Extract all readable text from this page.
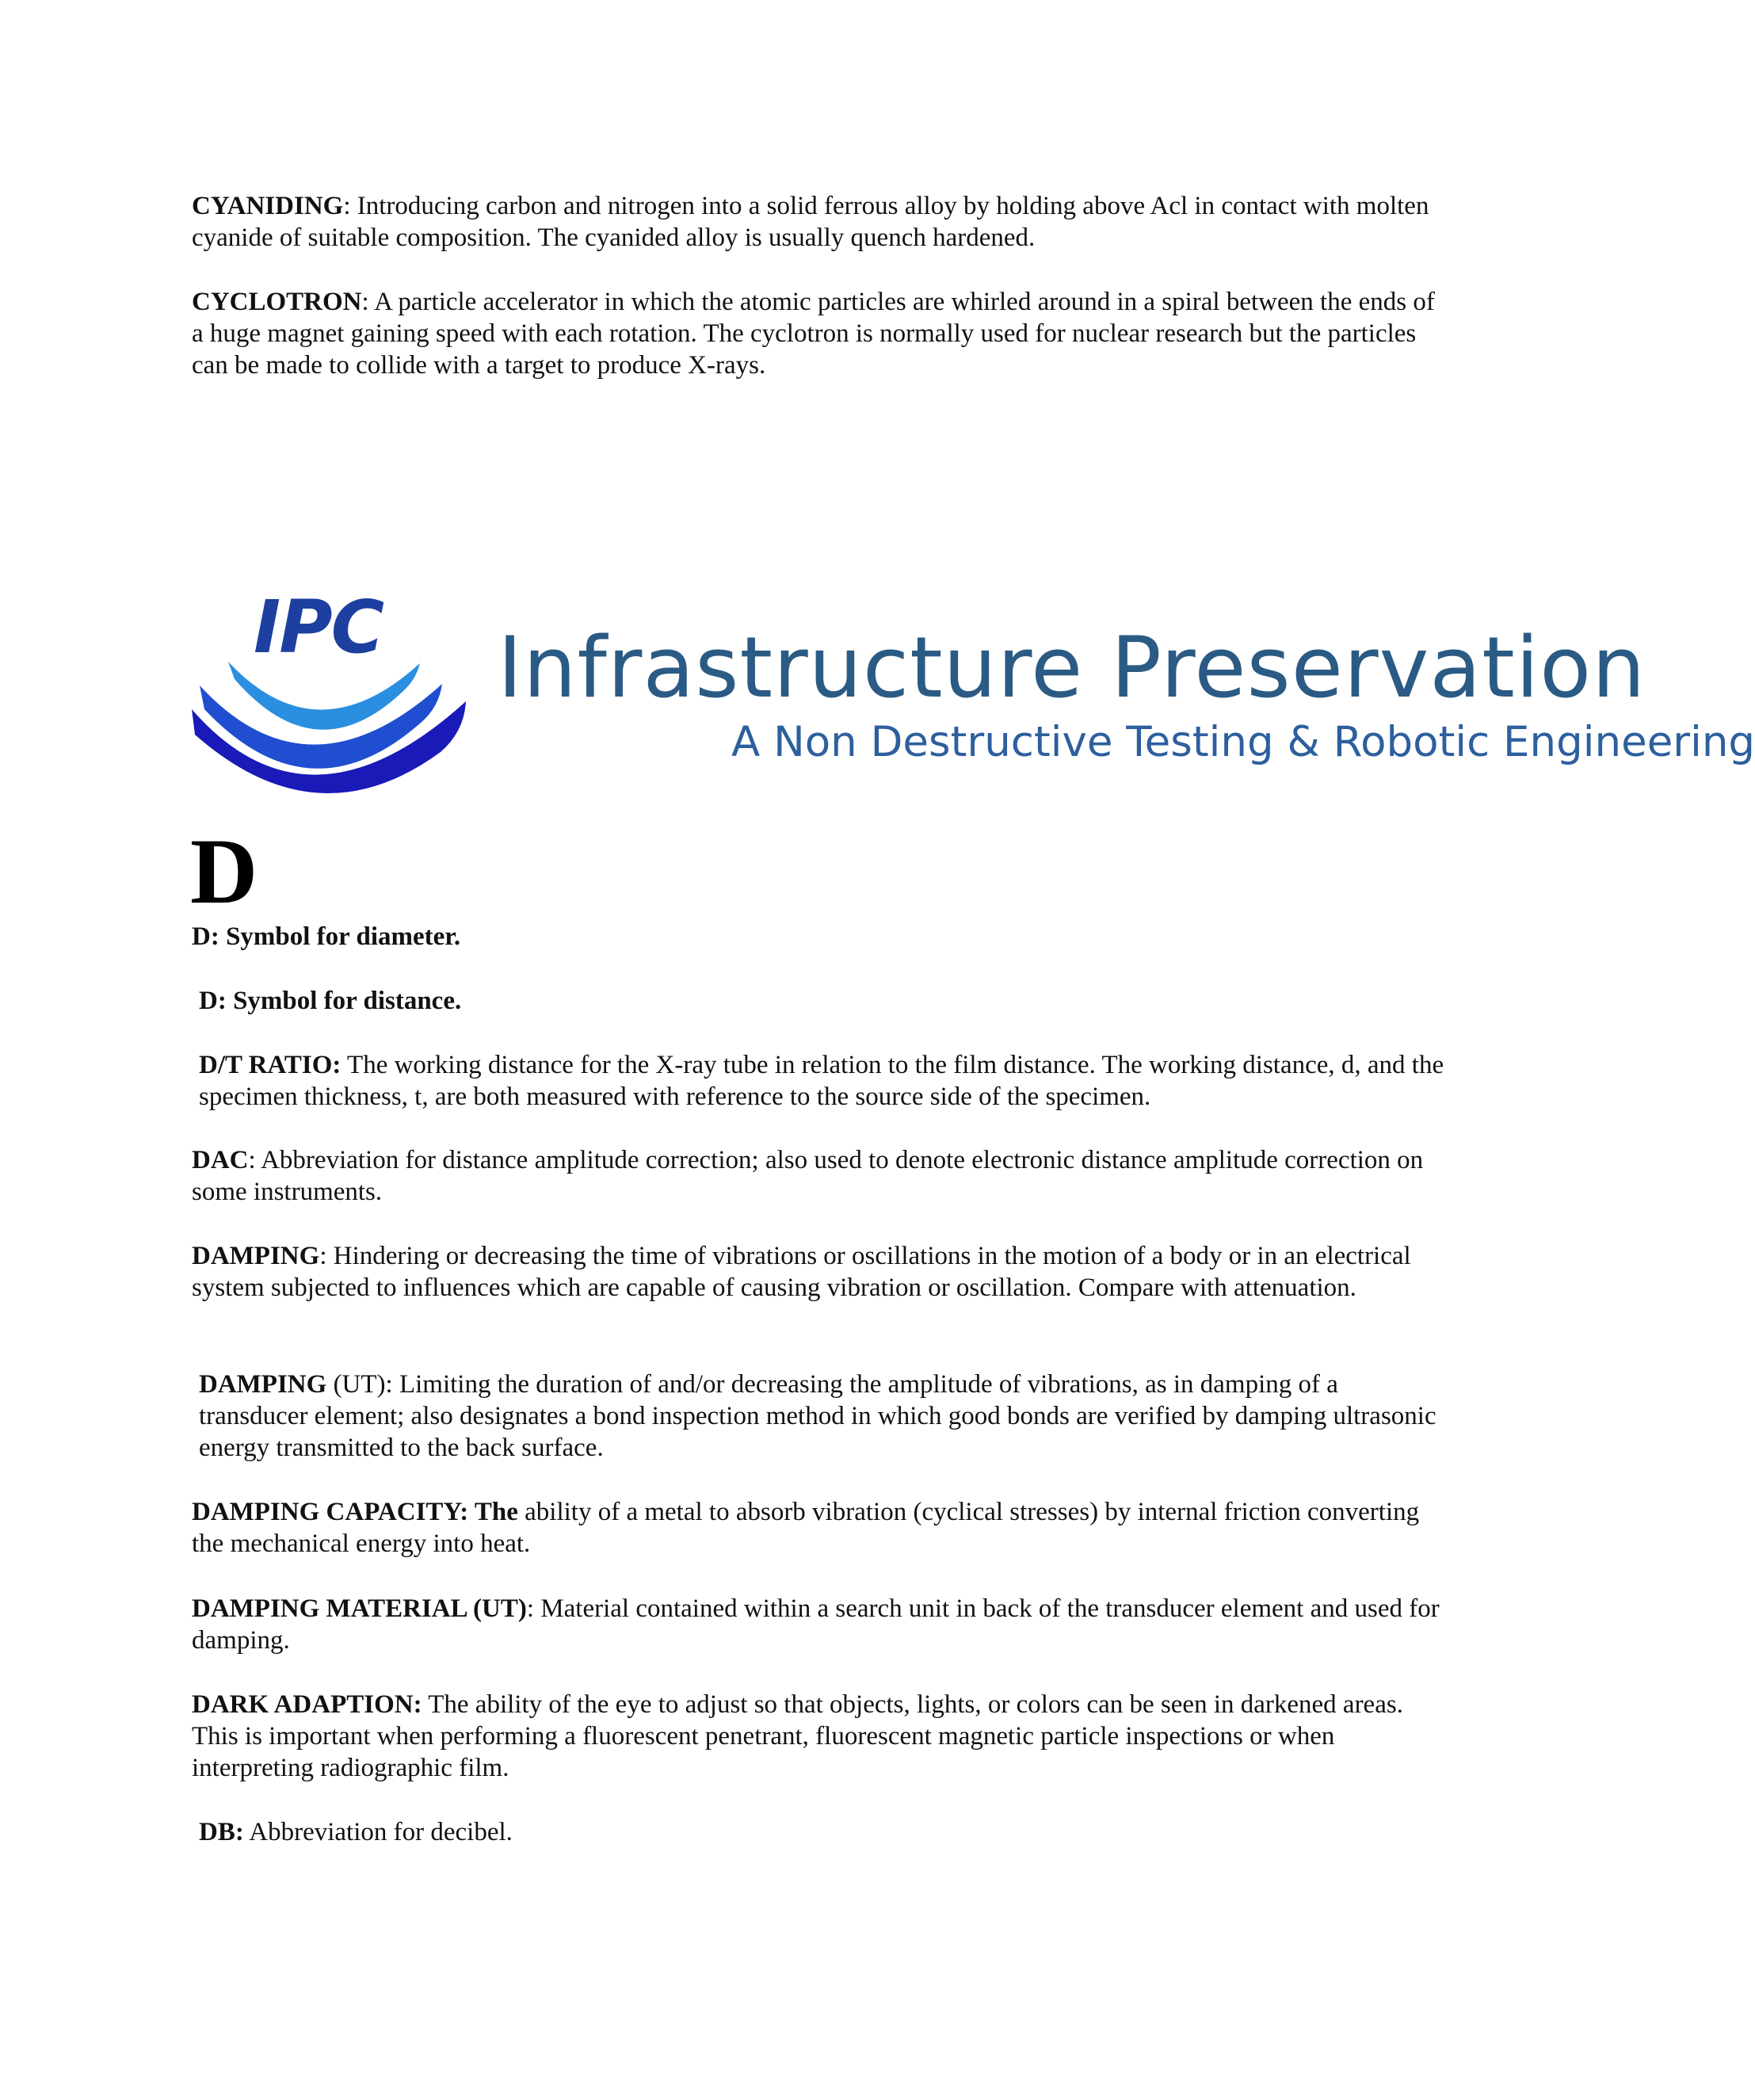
CYANIDING: Introducing carbon and nitrogen into a solid ferrous alloy by holding above Acl in contact with molten cyanide of suitable composition. The cyanided alloy is usually quench hardened.

CYCLOTRON: A particle accelerator in which the atomic particles are whirled around in a spiral between the ends of a huge magnet gaining speed with each rotation. The cyclotron is normally used for nuclear research but the particles can be made to collide with a target to produce X-rays.

IPC Infrastructure Preservation
A Non Destructive Testing & Robotic Engineering
D

D: Symbol for diameter.

D: Symbol for distance.

D/T RATIO: The working distance for the X-ray tube in relation to the film distance. The working distance, d, and the specimen thickness, t, are both measured with reference to the source side of the specimen.

DAC: Abbreviation for distance amplitude correction; also used to denote electronic distance amplitude correction on some instruments.

DAMPING: Hindering or decreasing the time of vibrations or oscillations in the motion of a body or in an electrical system subjected to influences which are capable of causing vibration or oscillation. Compare with attenuation.

DAMPING (UT): Limiting the duration of and/or decreasing the amplitude of vibrations, as in damping of a transducer element; also designates a bond inspection method in which good bonds are verified by damping ultrasonic energy transmitted to the back surface.

DAMPING CAPACITY: The ability of a metal to absorb vibration (cyclical stresses) by internal friction converting the mechanical energy into heat.

DAMPING MATERIAL (UT): Material contained within a search unit in back of the transducer element and used for damping.

DARK ADAPTION: The ability of the eye to adjust so that objects, lights, or colors can be seen in darkened areas. This is important when performing a fluorescent penetrant, fluorescent magnetic particle inspections or when interpreting radiographic film.

DB: Abbreviation for decibel.
